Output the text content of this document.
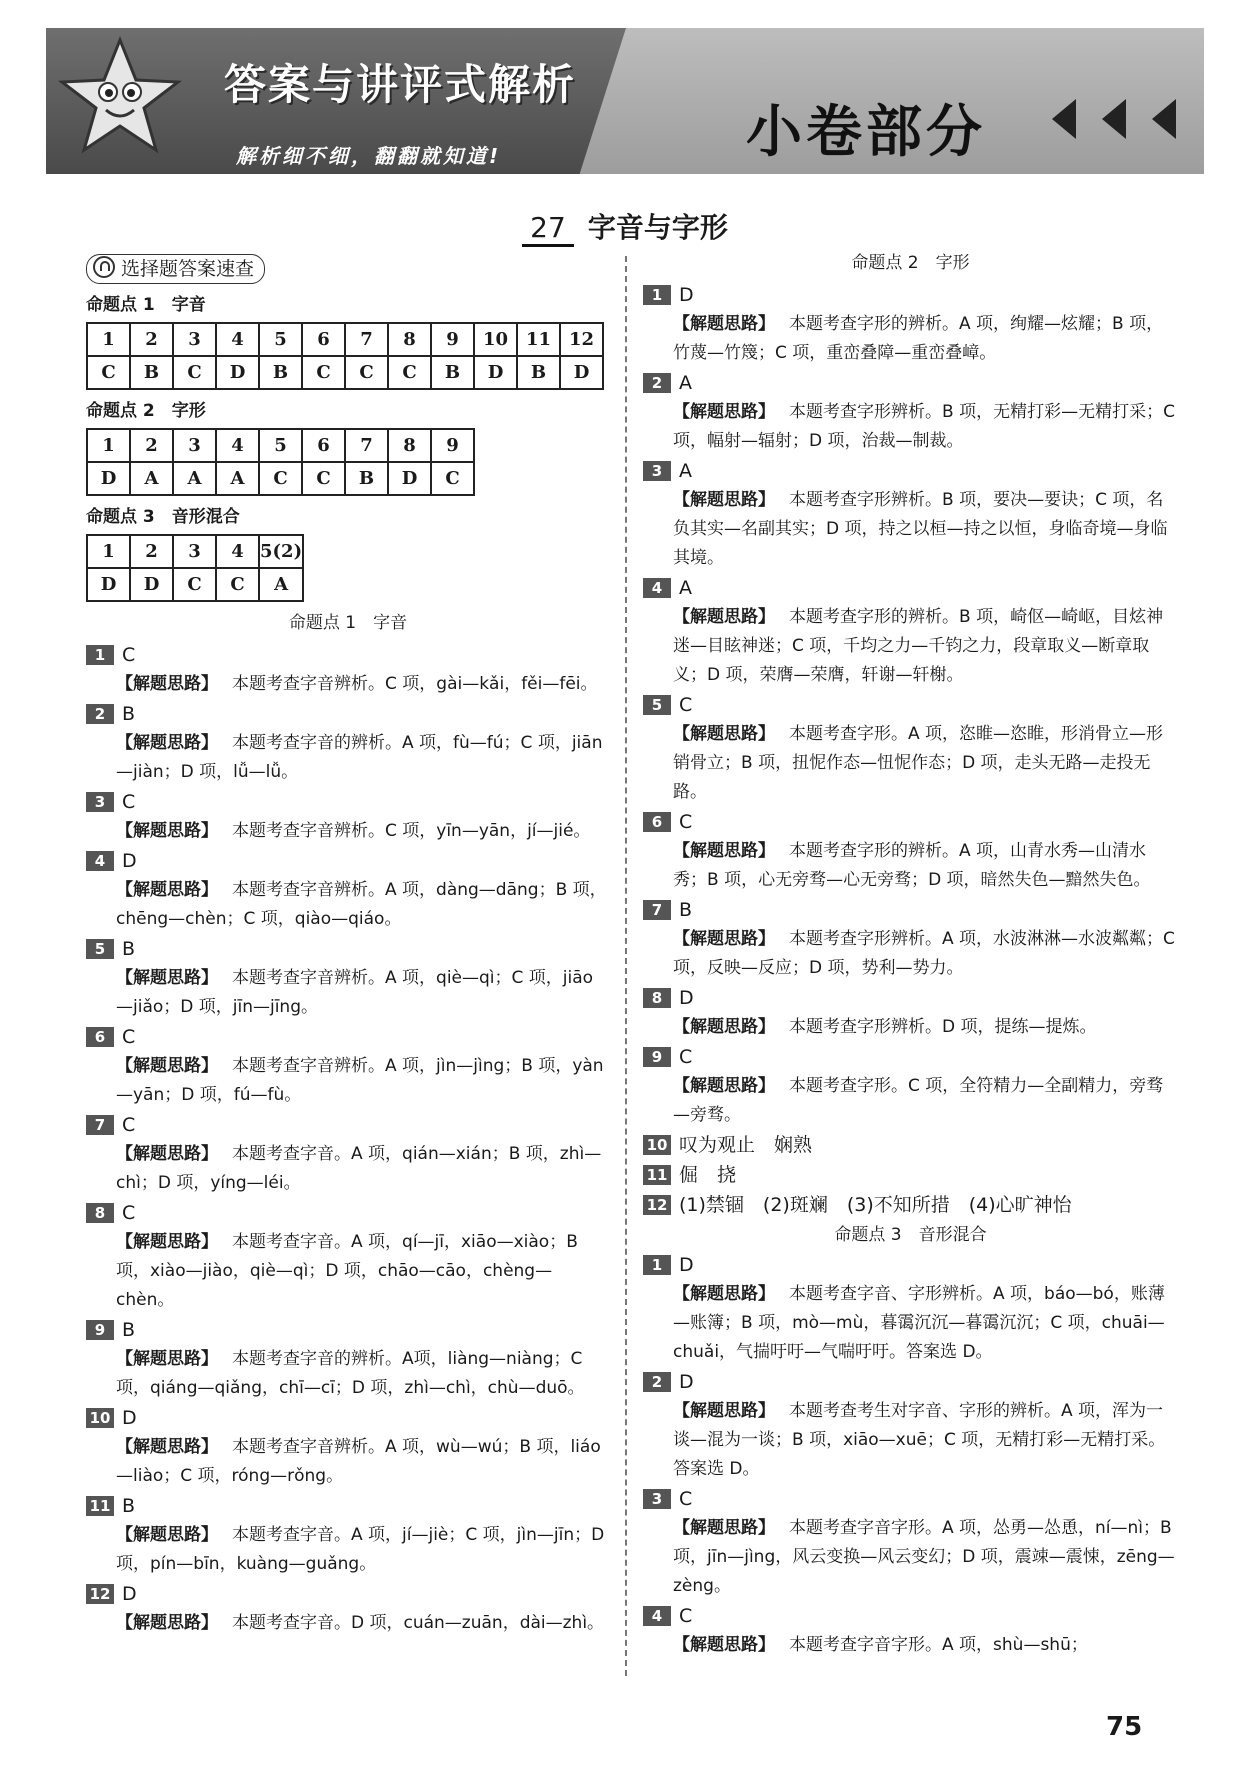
答案与讲评式解析
解析细不细，翻翻就知道!	小卷部分
27 字音与字形
选择题答案速查
命题点 1　字音
1	2	3	4	5	6	7	8	9	10	11	12
C	B	C	D	B	C	C	C	B	D	B	D
命题点 2　字形
1	2	3	4	5	6	7	8	9
D	A	A	A	C	C	B	D	C
命题点 3　音形混合
1	2	3	4	5(2)
D	D	C	C	A
命题点 1　字音
1 C
【解题思路】 本题考查字音辨析。C 项，gài—kǎi，fěi—fēi。
2 B
【解题思路】 本题考查字音的辨析。A 项，fù—fú；C 项，jiān—jiàn；D 项，lǚ—lǚ。
3 C
【解题思路】 本题考查字音辨析。C 项，yīn—yān，jí—jié。
4 D
【解题思路】 本题考查字音辨析。A 项，dàng—dāng；B 项，chēng—chèn；C 项，qiào—qiáo。
5 B
【解题思路】 本题考查字音辨析。A 项，qiè—qì；C 项，jiāo—jiǎo；D 项，jīn—jīng。
6 C
【解题思路】 本题考查字音辨析。A 项，jìn—jìng；B 项，yàn—yān；D 项，fú—fù。
7 C
【解题思路】 本题考查字音。A 项，qián—xián；B 项，zhì—chì；D 项，yíng—léi。
8 C
【解题思路】 本题考查字音。A 项，qí—jī，xiāo—xiào；B 项，xiào—jiào，qiè—qì；D 项，chāo—cāo，chèng—chèn。
9 B
【解题思路】 本题考查字音的辨析。A项，liàng—niàng；C 项，qiáng—qiǎng，chī—cī；D 项，zhì—chì，chù—duō。
10 D
【解题思路】 本题考查字音辨析。A 项，wù—wú；B 项，liáo—liào；C 项，róng—rǒng。
11 B
【解题思路】 本题考查字音。A 项，jí—jiè；C 项，jìn—jīn；D 项，pín—bīn，kuàng—guǎng。
12 D
【解题思路】 本题考查字音。D 项，cuán—zuān，dài—zhì。
命题点 2　字形
1 D
【解题思路】 本题考查字形的辨析。A 项，绚耀—炫耀；B 项，竹蔑—竹篾；C 项，重峦叠障—重峦叠嶂。
2 A
【解题思路】 本题考查字形辨析。B 项，无精打彩—无精打采；C 项，幅射—辐射；D 项，治裁—制裁。
3 A
【解题思路】 本题考查字形辨析。B 项，要决—要诀；C 项，名负其实—名副其实；D 项，持之以桓—持之以恒，身临奇境—身临其境。
4 A
【解题思路】 本题考查字形的辨析。B 项，崎伛—崎岖，目炫神迷—目眩神迷；C 项，千均之力—千钧之力，段章取义—断章取义；D 项，荣膺—荣膺，轩谢—轩榭。
5 C
【解题思路】 本题考查字形。A 项，恣睢—恣睢，形消骨立—形销骨立；B 项，扭怩作态—忸怩作态；D 项，走头无路—走投无路。
6 C
【解题思路】 本题考查字形的辨析。A 项，山青水秀—山清水秀；B 项，心无旁骛—心无旁骛；D 项，暗然失色—黯然失色。
7 B
【解题思路】 本题考查字形辨析。A 项，水波淋淋—水波粼粼；C 项，反映—反应；D 项，势利—势力。
8 D
【解题思路】 本题考查字形辨析。D 项，提练—提炼。
9 C
【解题思路】 本题考查字形。C 项，全符精力—全副精力，旁骛—旁骛。
10 叹为观止　娴熟
11 倔　挠
12 (1)禁锢　(2)斑斓　(3)不知所措　(4)心旷神怡
命题点 3　音形混合
1 D
【解题思路】 本题考查字音、字形辨析。A 项，báo—bó，账薄—账簿；B 项，mò—mù，暮霭沉沉—暮霭沉沉；C 项，chuāi—chuǎi，气揣吁吁—气喘吁吁。答案选 D。
2 D
【解题思路】 本题考查考生对字音、字形的辨析。A 项，浑为一谈—混为一谈；B 项，xiāo—xuē；C 项，无精打彩—无精打采。答案选 D。
3 C
【解题思路】 本题考查字音字形。A 项，怂勇—怂恿，ní—nì；B 项，jīn—jìng，风云变换—风云变幻；D 项，震竦—震悚，zēng—zèng。
4 C
【解题思路】 本题考查字音字形。A 项，shù—shū；
75
